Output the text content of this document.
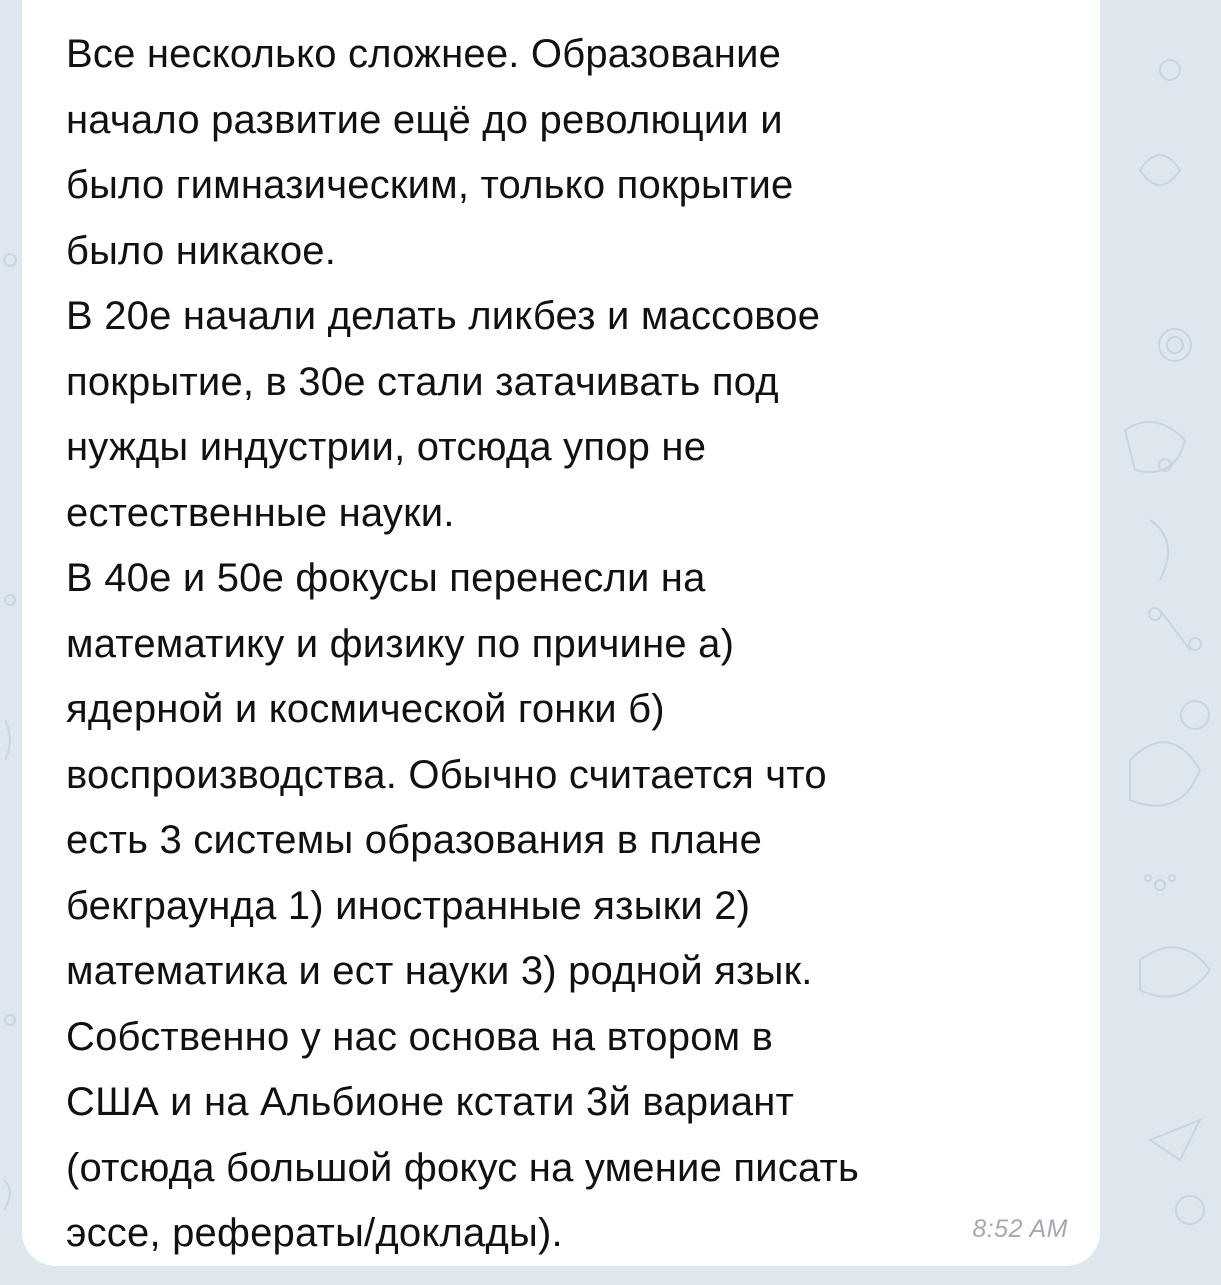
Все несколько сложнее. Образование
начало развитие ещё до революции и
было гимназическим, только покрытие
было никакое.
В 20е начали делать ликбез и массовое
покрытие, в 30е стали затачивать под
нужды индустрии, отсюда упор не
естественные науки.
В 40е и 50е фокусы перенесли на
математику и физику по причине а)
ядерной и космической гонки б)
воспроизводства. Обычно считается что
есть 3 системы образования в плане
бекграунда 1) иностранные языки 2)
математика и ест науки 3) родной язык.
Собственно у нас основа на втором в
США и на Альбионе кстати 3й вариант
(отсюда большой фокус на умение писать
эссе, рефераты/доклады).	8:52 AM
